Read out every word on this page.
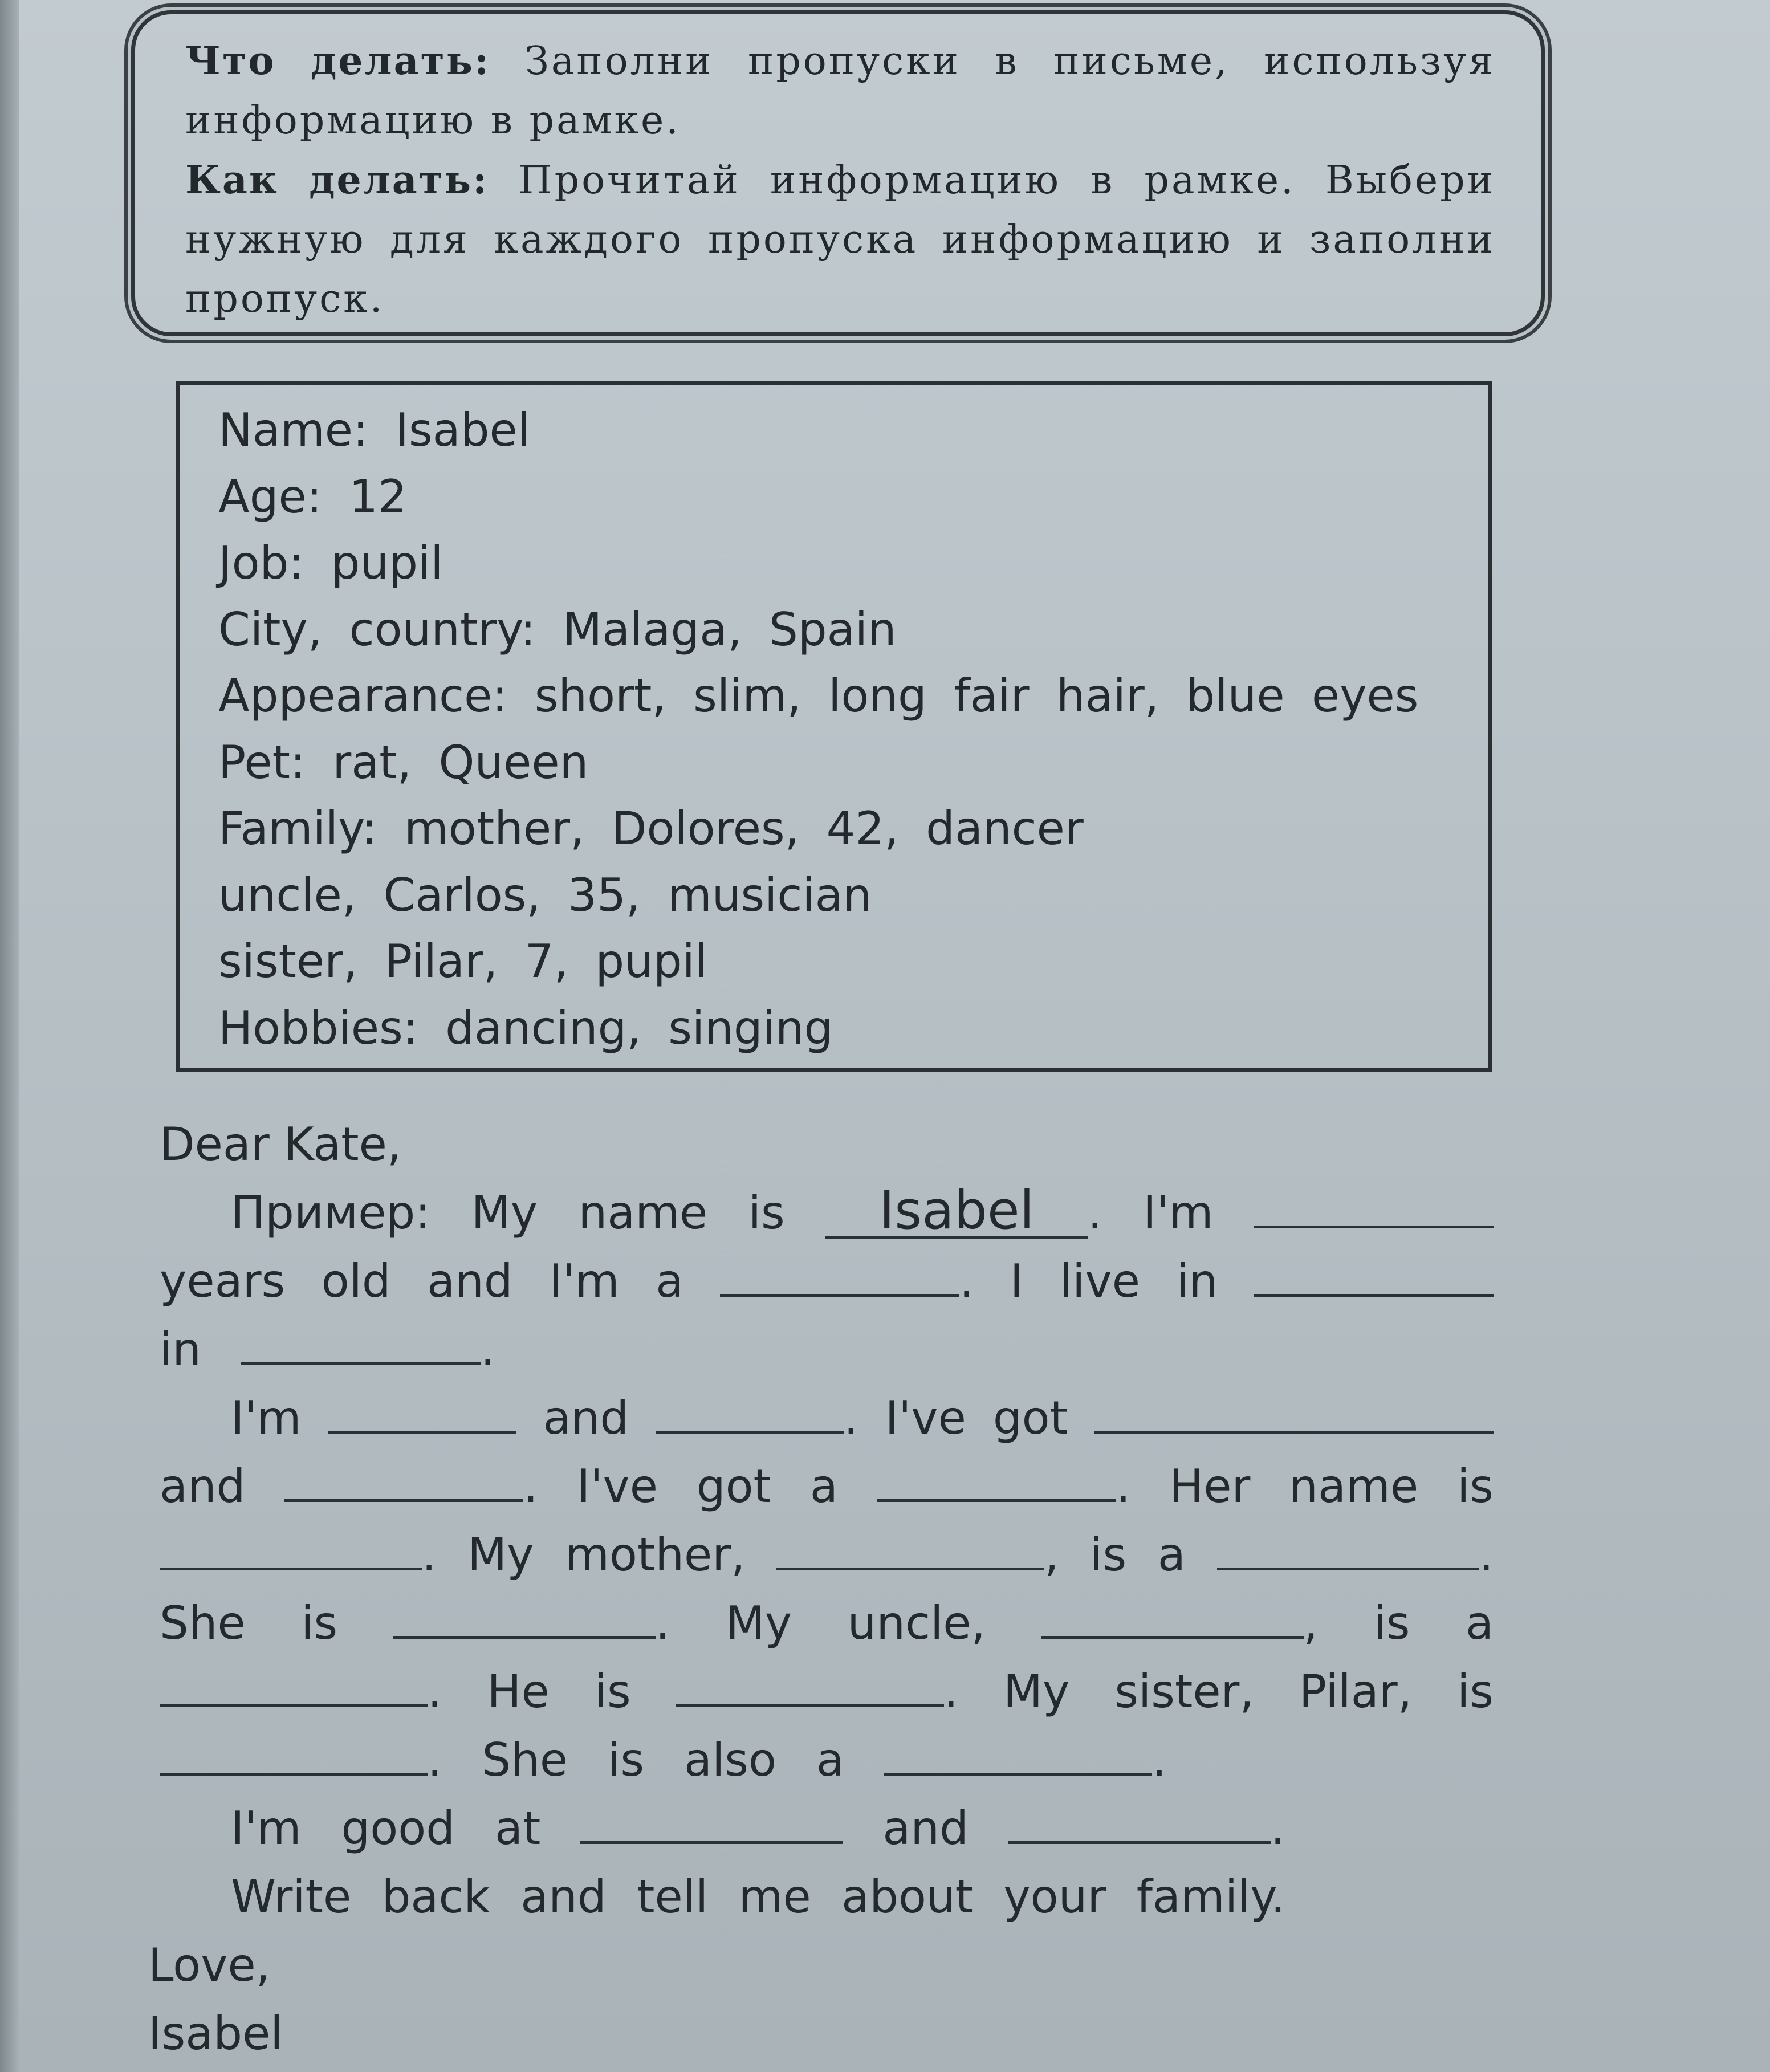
Что делать: Заполни пропуски в письме, используя информацию в рамке.

Как делать: Прочитай информацию в рамке. Выбери нужную для каждого пропуска информацию и заполни пропуск.

Name: Isabel
Age: 12
Job: pupil
City, country: Malaga, Spain
Appearance: short, slim, long fair hair, blue eyes
Pet: rat, Queen
Family: mother, Dolores, 42, dancer
uncle, Carlos, 35, musician
sister, Pilar, 7, pupil
Hobbies: dancing, singing
Dear Kate,
Пример: My name is	Isabel . I'm
years old and I'm a	. I live in
in	.
I'm	and	. I've got
and	. I've got a	. Her name is
. My mother,	, is a	.
She is	. My uncle,	, is a
. He is	. My sister, Pilar, is
. She is also a	.
I'm good at	and	.
Write back and tell me about your family.
Love,
Isabel
